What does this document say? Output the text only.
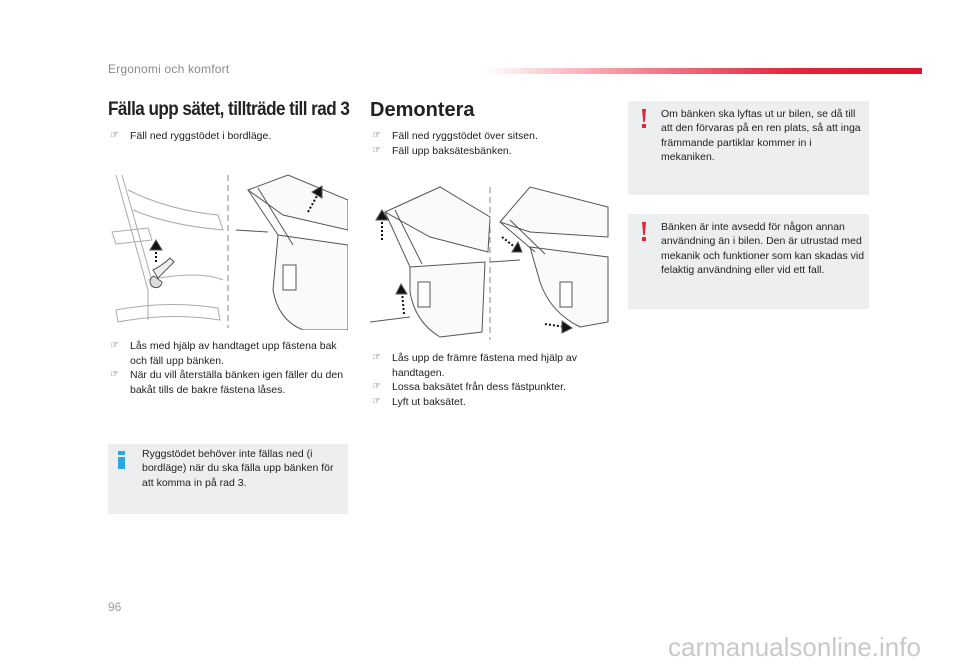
Ergonomi och komfort
Fälla upp sätet, tillträde till rad 3
☞ Fäll ned ryggstödet i bordläge.
☞ Lås med hjälp av handtaget upp fästena bak och fäll upp bänken.
☞ När du vill återställa bänken igen fäller du den bakåt tills de bakre fästena låses.
Ryggstödet behöver inte fällas ned (i bordläge) när du ska fälla upp bänken för att komma in på rad 3.
Demontera
☞ Fäll ned ryggstödet över sitsen.
☞ Fäll upp baksätesbänken.
☞ Lås upp de främre fästena med hjälp av handtagen.
☞ Lossa baksätet från dess fästpunkter.
☞ Lyft ut baksätet.
Om bänken ska lyftas ut ur bilen, se då till att den förvaras på en ren plats, så att inga främmande partiklar kommer in i mekaniken.
Bänken är inte avsedd för någon annan användning än i bilen. Den är utrustad med mekanik och funktioner som kan skadas vid felaktig användning eller vid ett fall.
96
carmanualsonline.info
